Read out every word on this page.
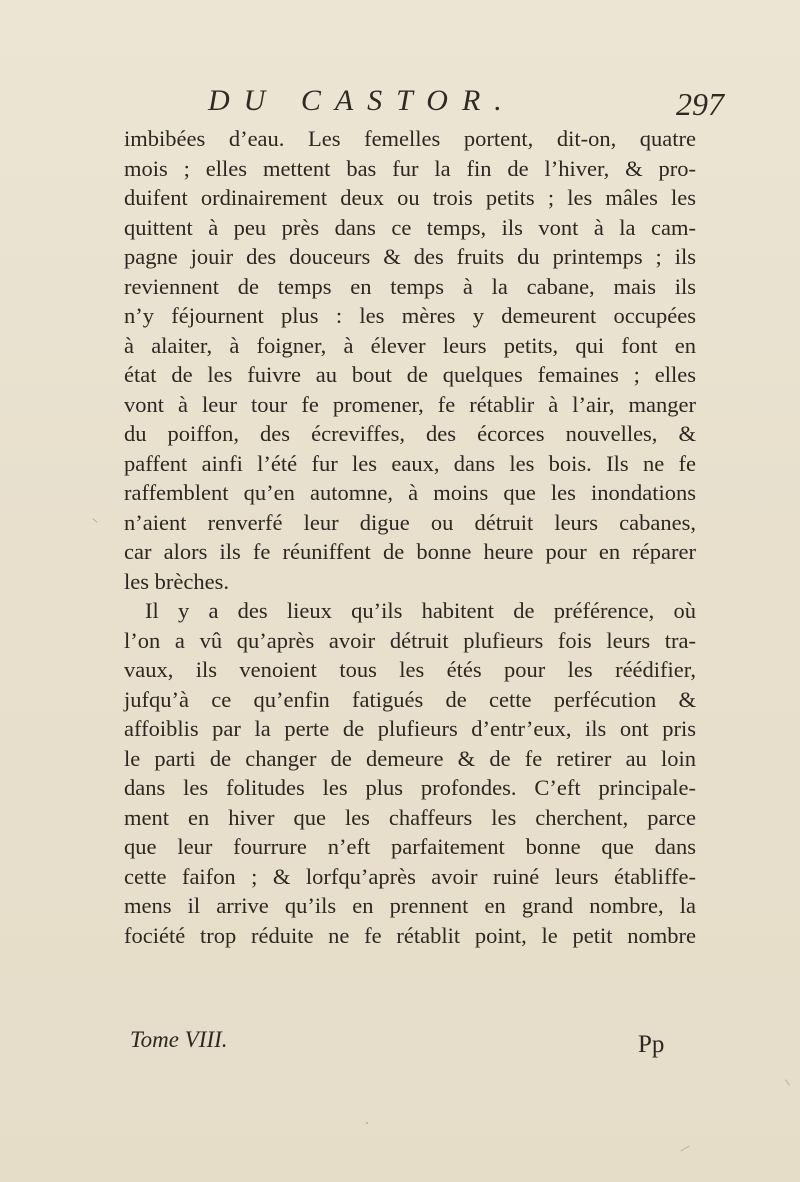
DU CASTOR.	297
imbibées d’eau. Les femelles portent, dit-on, quatre
mois ; elles mettent bas fur la fin de l’hiver, & pro-
duifent ordinairement deux ou trois petits ; les mâles les
quittent à peu près dans ce temps, ils vont à la cam-
pagne jouir des douceurs & des fruits du printemps ; ils
reviennent de temps en temps à la cabane, mais ils
n’y féjournent plus : les mères y demeurent occupées
à alaiter, à foigner, à élever leurs petits, qui font en
état de les fuivre au bout de quelques femaines ; elles
vont à leur tour fe promener, fe rétablir à l’air, manger
du poiffon, des écreviffes, des écorces nouvelles, &
paffent ainfi l’été fur les eaux, dans les bois. Ils ne fe
raffemblent qu’en automne, à moins que les inondations
n’aient renverfé leur digue ou détruit leurs cabanes,
car alors ils fe réuniffent de bonne heure pour en réparer
les brèches.
Il y a des lieux qu’ils habitent de préférence, où
l’on a vû qu’après avoir détruit plufieurs fois leurs tra-
vaux, ils venoient tous les étés pour les réédifier,
jufqu’à ce qu’enfin fatigués de cette perfécution &
affoiblis par la perte de plufieurs d’entr’eux, ils ont pris
le parti de changer de demeure & de fe retirer au loin
dans les folitudes les plus profondes. C’eft principale-
ment en hiver que les chaffeurs les cherchent, parce
que leur fourrure n’eft parfaitement bonne que dans
cette faifon ; & lorfqu’après avoir ruiné leurs établiffe-
mens il arrive qu’ils en prennent en grand nombre, la
fociété trop réduite ne fe rétablit point, le petit nombre
Tome VIII.	Pp
